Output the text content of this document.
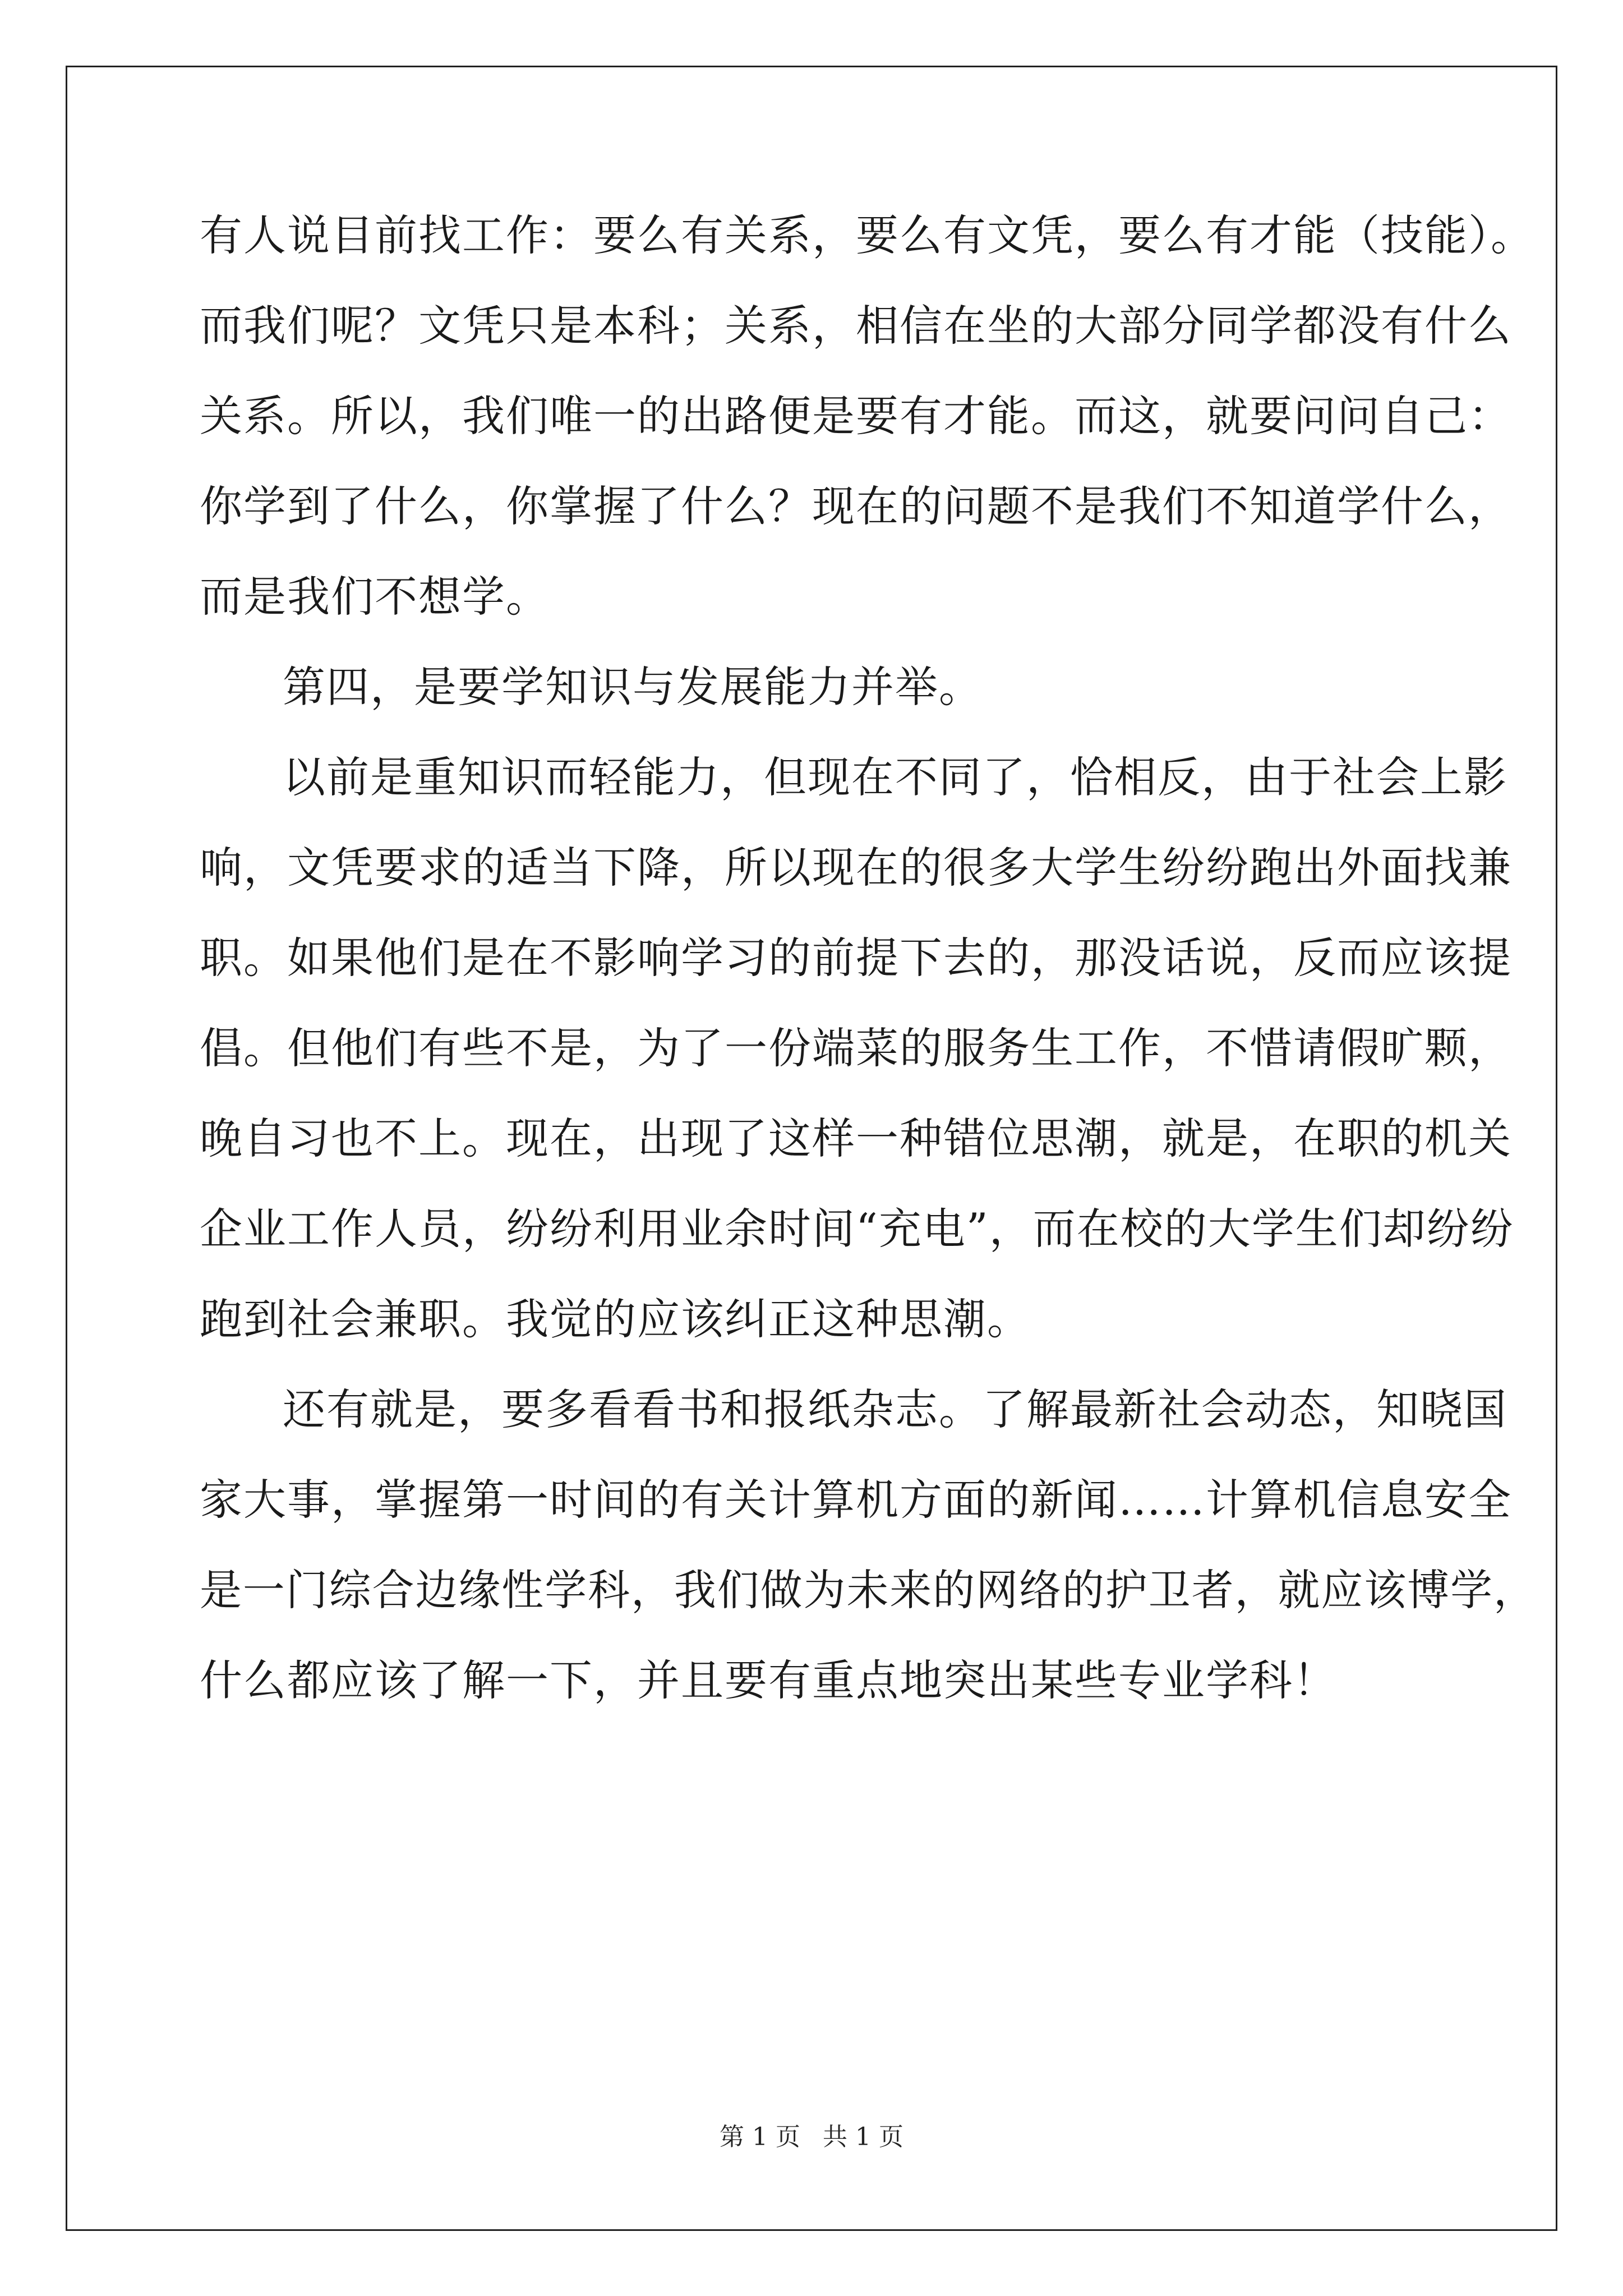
有人说目前找工作：要么有关系，要么有文凭，要么有才能（技能）。
而我们呢？文凭只是本科；关系，相信在坐的大部分同学都没有什么
关系。所以，我们唯一的出路便是要有才能。而这，就要问问自己：
你学到了什么，你掌握了什么？现在的问题不是我们不知道学什么，
而是我们不想学。
第四，是要学知识与发展能力并举。
以前是重知识而轻能力，但现在不同了，恰相反，由于社会上影
响，文凭要求的适当下降，所以现在的很多大学生纷纷跑出外面找兼
职。如果他们是在不影响学习的前提下去的，那没话说，反而应该提
倡。但他们有些不是，为了一份端菜的服务生工作，不惜请假旷颗，
晚自习也不上。现在，出现了这样一种错位思潮，就是，在职的机关
企业工作人员，纷纷利用业余时间“充电”，而在校的大学生们却纷纷
跑到社会兼职。我觉的应该纠正这种思潮。
还有就是，要多看看书和报纸杂志。了解最新社会动态，知晓国
家大事，掌握第一时间的有关计算机方面的新闻……计算机信息安全
是一门综合边缘性学科，我们做为未来的网络的护卫者，就应该博学，
什么都应该了解一下，并且要有重点地突出某些专业学科！
第 1 页 共 1 页
